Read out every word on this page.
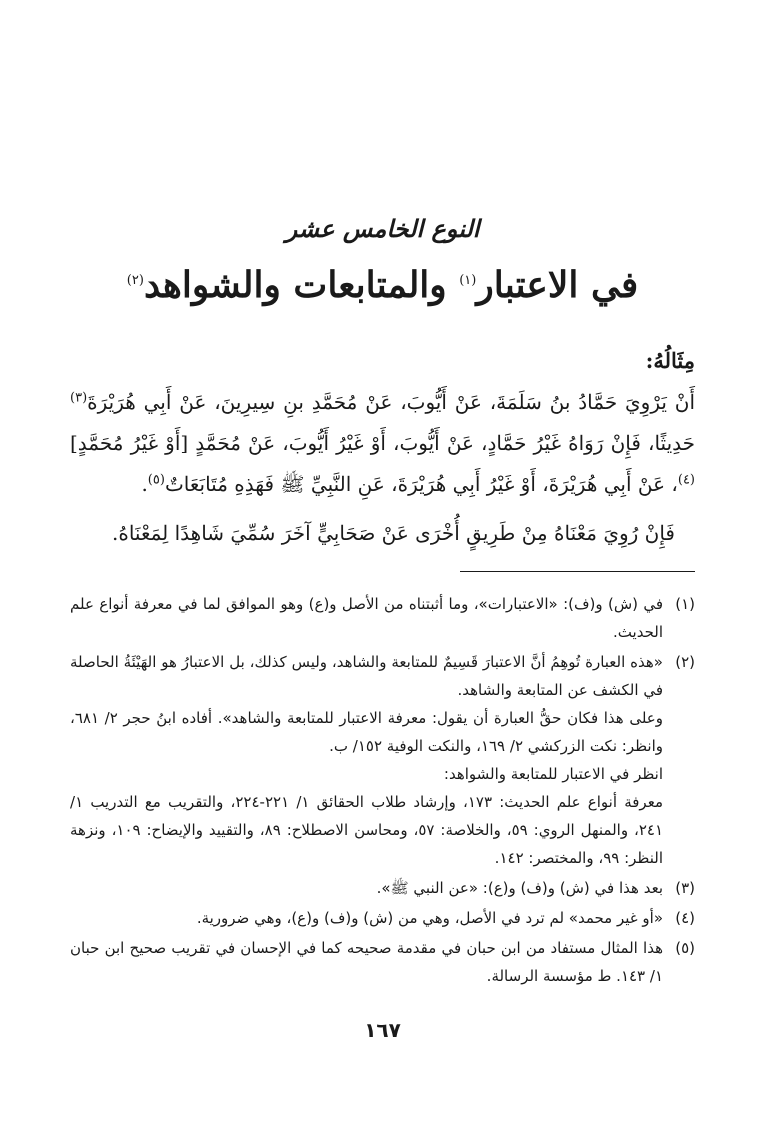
النوع الخامس عشر
في الاعتبار$^{(١)}$ والمتابعات والشواهد$^{(٢)}$
مِثَالُهُ:

أَنْ يَرْوِيَ حَمَّادُ بنُ سَلَمَةَ، عَنْ أَيُّوبَ، عَنْ مُحَمَّدِ بنِ سِيرِينَ، عَنْ أَبِي هُرَيْرَةَ$^{(٣)}$ حَدِيثًا، فَإِنْ رَوَاهُ غَيْرُ حَمَّادٍ، عَنْ أَيُّوبَ، أَوْ غَيْرُ أَيُّوبَ، عَنْ مُحَمَّدٍ [أَوْ غَيْرُ مُحَمَّدٍ]$^{(٤)}$، عَنْ أَبِي هُرَيْرَةَ، أَوْ غَيْرُ أَبِي هُرَيْرَةَ، عَنِ النَّبِيِّ ﷺ فَهَذِهِ مُتَابَعَاتٌ$^{(٥)}$.

فَإِنْ رُوِيَ مَعْنَاهُ مِنْ طَرِيقٍ أُخْرَى عَنْ صَحَابِيٍّ آخَرَ سُمِّيَ شَاهِدًا لِمَعْنَاهُ.

(١)

في (ش) و(ف): «الاعتبارات»، وما أثبتناه من الأصل و(ع) وهو الموافق لما في معرفة أنواع علم الحديث.

(٢)

«هذه العبارة تُوهِمُ أنَّ الاعتبارَ قَسِيمٌ للمتابعة والشاهد، وليس كذلك، بل الاعتبارُ هو الهَيْئَةُ الحاصلة في الكشف عن المتابعة والشاهد.

وعلى هذا فكان حقُّ العبارة أن يقول: معرفة الاعتبار للمتابعة والشاهد». أفاده ابنُ حجر ٢/ ٦٨١، وانظر: نكت الزركشي ٢/ ١٦٩، والنكت الوفية ١٥٢/ ب.

انظر في الاعتبار للمتابعة والشواهد:

معرفة أنواع علم الحديث: ١٧٣، وإرشاد طلاب الحقائق ١/ ٢٢١-٢٢٤، والتقريب مع التدريب ١/ ٢٤١، والمنهل الروي: ٥٩، والخلاصة: ٥٧، ومحاسن الاصطلاح: ٨٩، والتقييد والإيضاح: ١٠٩، ونزهة النظر: ٩٩، والمختصر: ١٤٢.

(٣)

بعد هذا في (ش) و(ف) و(ع): «عن النبي ﷺ».

(٤)

«أو غير محمد» لم ترد في الأصل، وهي من (ش) و(ف) و(ع)، وهي ضرورية.

(٥)

هذا المثال مستفاد من ابن حبان في مقدمة صحيحه كما في الإحسان في تقريب صحيح ابن حبان ١/ ١٤٣. ط مؤسسة الرسالة.

١٦٧
